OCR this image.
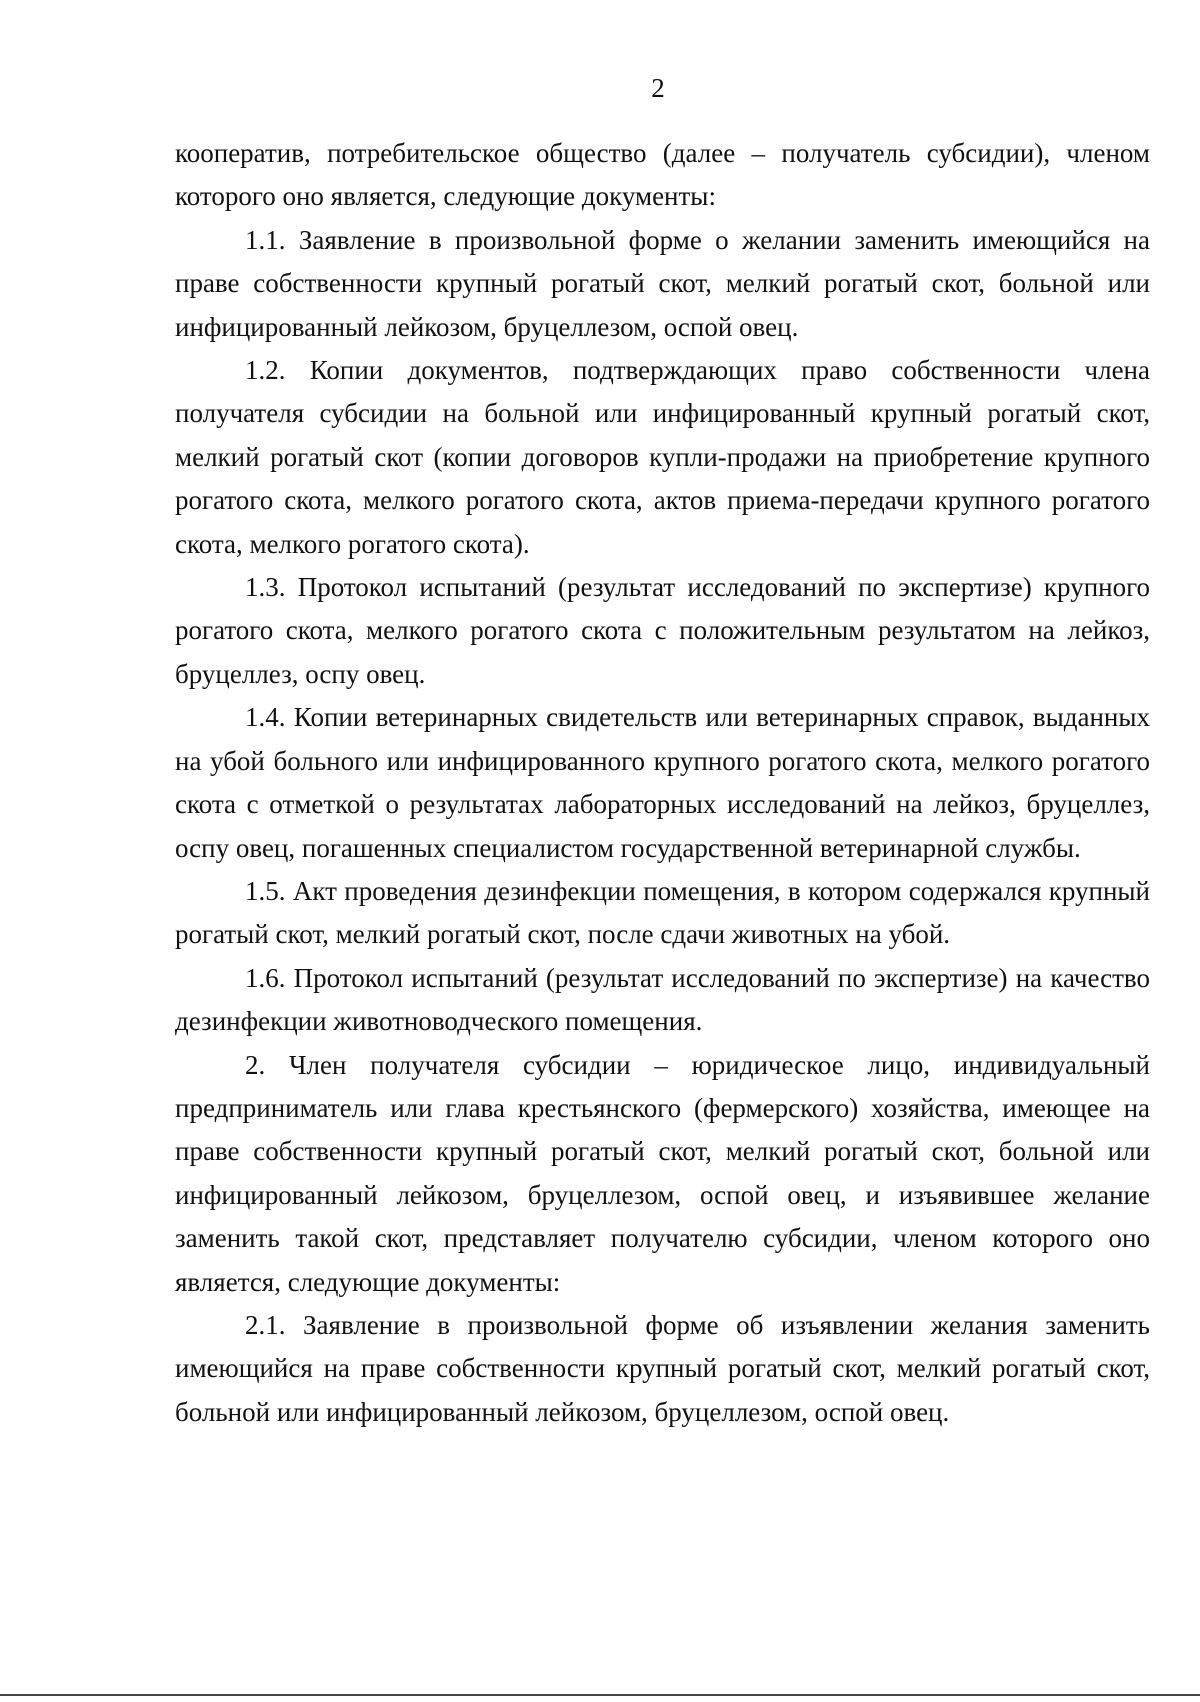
2

кооператив, потребительское общество (далее – получатель субсидии), членом которого оно является, следующие документы:

1.1. Заявление в произвольной форме о желании заменить имеющийся на праве собственности крупный рогатый скот, мелкий рогатый скот, больной или инфицированный лейкозом, бруцеллезом, оспой овец.

1.2. Копии документов, подтверждающих право собственности члена получателя субсидии на больной или инфицированный крупный рогатый скот, мелкий рогатый скот (копии договоров купли-продажи на приобретение крупного рогатого скота, мелкого рогатого скота, актов приема-передачи крупного рогатого скота, мелкого рогатого скота).

1.3. Протокол испытаний (результат исследований по экспертизе) крупного рогатого скота, мелкого рогатого скота с положительным результатом на лейкоз, бруцеллез, оспу овец.

1.4. Копии ветеринарных свидетельств или ветеринарных справок, выданных на убой больного или инфицированного крупного рогатого скота, мелкого рогатого скота с отметкой о результатах лабораторных исследований на лейкоз, бруцеллез, оспу овец, погашенных специалистом государственной ветеринарной службы.

1.5. Акт проведения дезинфекции помещения, в котором содержался крупный рогатый скот, мелкий рогатый скот, после сдачи животных на убой.

1.6. Протокол испытаний (результат исследований по экспертизе) на качество дезинфекции животноводческого помещения.

2. Член получателя субсидии – юридическое лицо, индивидуальный предприниматель или глава крестьянского (фермерского) хозяйства, имеющее на праве собственности крупный рогатый скот, мелкий рогатый скот, больной или инфицированный лейкозом, бруцеллезом, оспой овец, и изъявившее желание заменить такой скот, представляет получателю субсидии, членом которого оно является, следующие документы:

2.1. Заявление в произвольной форме об изъявлении желания заменить имеющийся на праве собственности крупный рогатый скот, мелкий рогатый скот, больной или инфицированный лейкозом, бруцеллезом, оспой овец.
